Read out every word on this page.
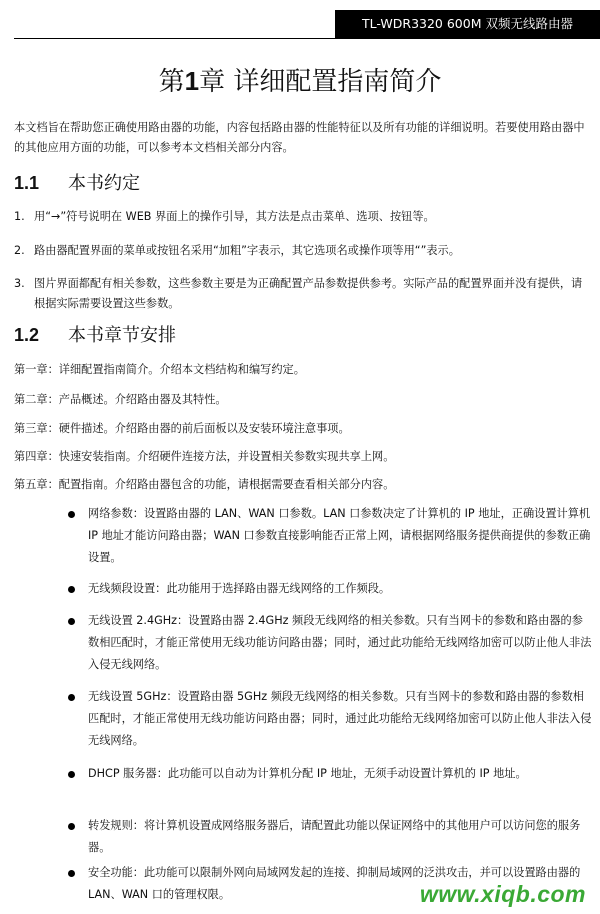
TL-WDR3320 600M 双频无线路由器
第1章 详细配置指南简介

本文档旨在帮助您正确使用路由器的功能，内容包括路由器的性能特征以及所有功能的详细说明。若要使用路由器中的其他应用方面的功能，可以参考本文档相关部分内容。

1.1 本书约定

1. 用“→”符号说明在 WEB 界面上的操作引导，其方法是点击菜单、选项、按钮等。

2. 路由器配置界面的菜单或按钮名采用“加粗”字表示，其它选项名或操作项等用“”表示。

3. 图片界面都配有相关参数，这些参数主要是为正确配置产品参数提供参考。实际产品的配置界面并没有提供，请根据实际需要设置这些参数。

1.2 本书章节安排

第一章：详细配置指南简介。介绍本文档结构和编写约定。

第二章：产品概述。介绍路由器及其特性。

第三章：硬件描述。介绍路由器的前后面板以及安装环境注意事项。

第四章：快速安装指南。介绍硬件连接方法，并设置相关参数实现共享上网。

第五章：配置指南。介绍路由器包含的功能，请根据需要查看相关部分内容。

网络参数：设置路由器的 LAN、WAN 口参数。LAN 口参数决定了计算机的 IP 地址，正确设置计算机 IP 地址才能访问路由器；WAN 口参数直接影响能否正常上网，请根据网络服务提供商提供的参数正确设置。
无线频段设置：此功能用于选择路由器无线网络的工作频段。
无线设置 2.4GHz：设置路由器 2.4GHz 频段无线网络的相关参数。只有当网卡的参数和路由器的参数相匹配时，才能正常使用无线功能访问路由器；同时，通过此功能给无线网络加密可以防止他人非法入侵无线网络。
无线设置 5GHz：设置路由器 5GHz 频段无线网络的相关参数。只有当网卡的参数和路由器的参数相匹配时，才能正常使用无线功能访问路由器；同时，通过此功能给无线网络加密可以防止他人非法入侵无线网络。
DHCP 服务器：此功能可以自动为计算机分配 IP 地址，无须手动设置计算机的 IP 地址。
转发规则：将计算机设置成网络服务器后，请配置此功能以保证网络中的其他用户可以访问您的服务器。
安全功能：此功能可以限制外网向局域网发起的连接、抑制局域网的泛洪攻击，并可以设置路由器的 LAN、WAN 口的管理权限。	www.xiqb.com
